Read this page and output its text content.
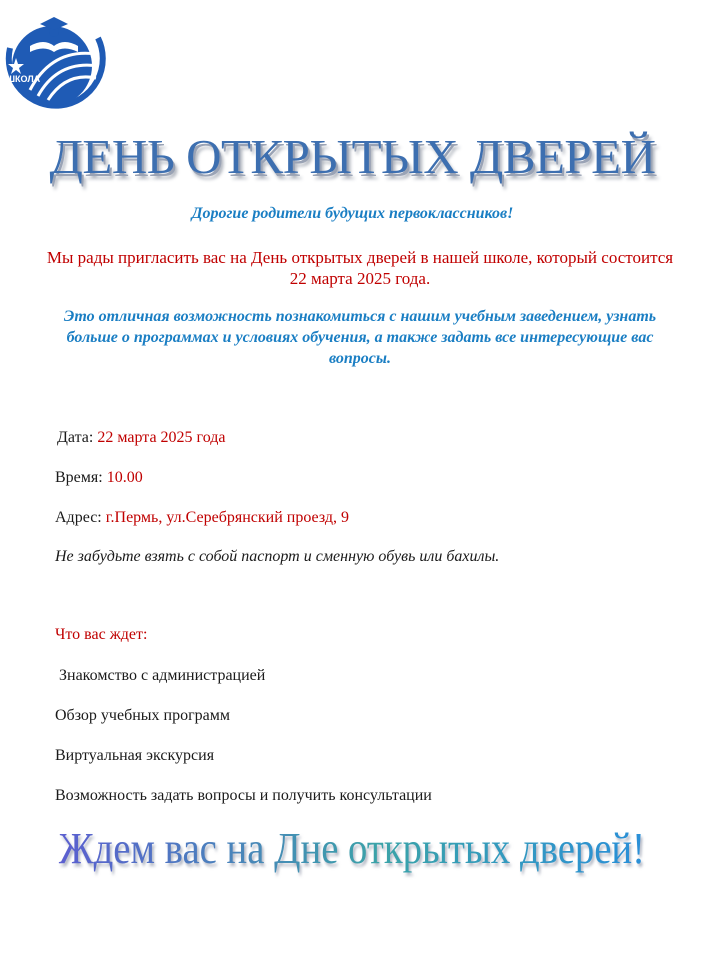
ШКОЛА
ДЕНЬ ОТКРЫТЫХ ДВЕРЕЙ
Дорогие родители будущих первоклассников!
Мы рады пригласить вас на День открытых дверей в нашей школе, который состоится 22 марта 2025 года.
Это отличная возможность познакомиться с нашим учебным заведением, узнать больше о программах и условиях обучения, а также задать все интересующие вас вопросы.
Дата: 22 марта 2025 года
Время: 10.00
Адрес: г.Пермь, ул.Серебрянский проезд, 9
Не забудьте взять с собой паспорт и сменную обувь или бахилы.
Что вас ждет:
Знакомство с администрацией
Обзор учебных программ
Виртуальная экскурсия
Возможность задать вопросы и получить консультации
Ждем вас на Дне открытых дверей!
